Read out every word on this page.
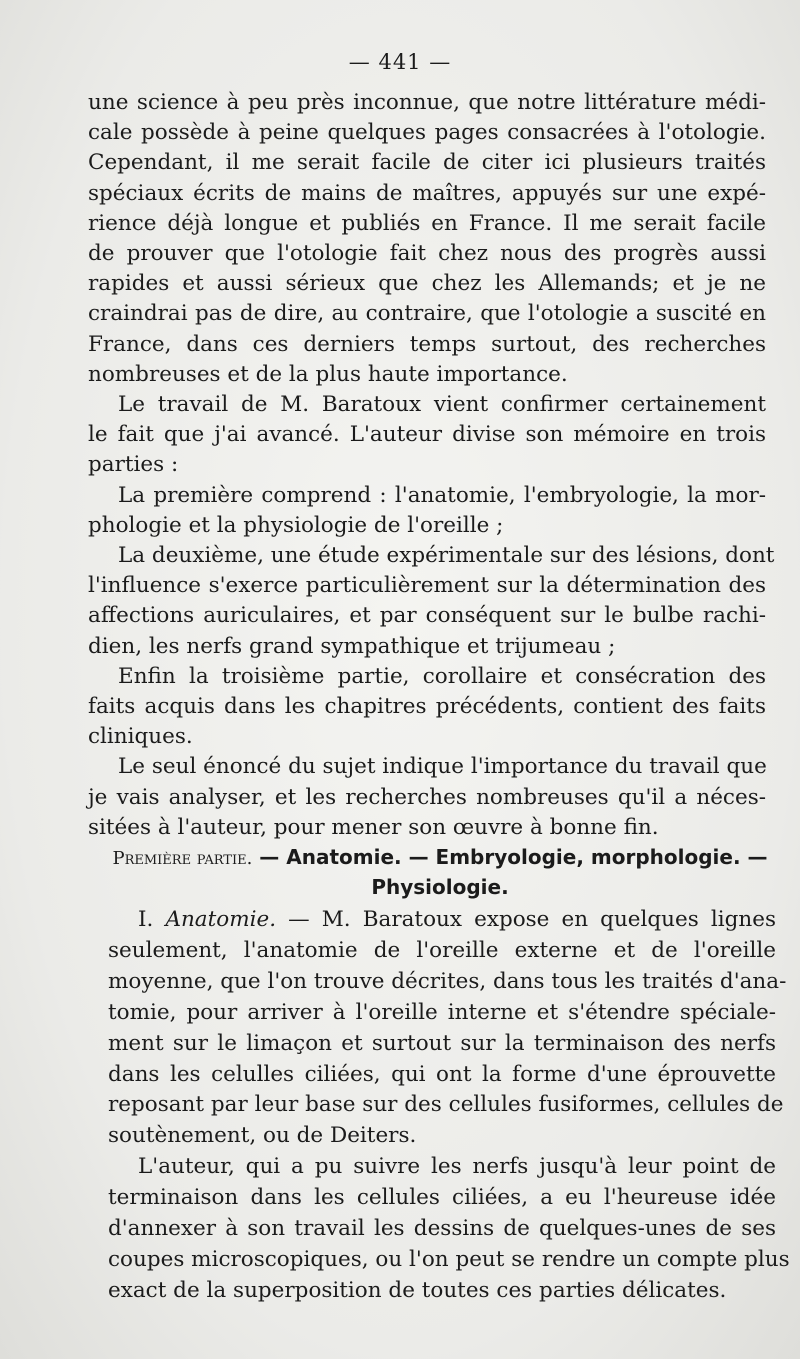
— 441 —

une science à peu près inconnue, que notre littérature médi-
cale possède à peine quelques pages consacrées à l'otologie.
Cependant, il me serait facile de citer ici plusieurs traités
spéciaux écrits de mains de maîtres, appuyés sur une expé-
rience déjà longue et publiés en France. Il me serait facile
de prouver que l'otologie fait chez nous des progrès aussi
rapides et aussi sérieux que chez les Allemands; et je ne
craindrai pas de dire, au contraire, que l'otologie a suscité en
France, dans ces derniers temps surtout, des recherches
nombreuses et de la plus haute importance.

Le travail de M. Baratoux vient confirmer certainement
le fait que j'ai avancé. L'auteur divise son mémoire en trois
parties :

La première comprend : l'anatomie, l'embryologie, la mor-
phologie et la physiologie de l'oreille ;

La deuxième, une étude expérimentale sur des lésions, dont
l'influence s'exerce particulièrement sur la détermination des
affections auriculaires, et par conséquent sur le bulbe rachi-
dien, les nerfs grand sympathique et trijumeau ;

Enfin la troisième partie, corollaire et consécration des
faits acquis dans les chapitres précédents, contient des faits
cliniques.

Le seul énoncé du sujet indique l'importance du travail que
je vais analyser, et les recherches nombreuses qu'il a néces-
sitées à l'auteur, pour mener son œuvre à bonne fin.

Première partie. — Anatomie. — Embryologie, morphologie. —
Physiologie.

I. Anatomie. — M. Baratoux expose en quelques lignes
seulement, l'anatomie de l'oreille externe et de l'oreille
moyenne, que l'on trouve décrites, dans tous les traités d'ana-
tomie, pour arriver à l'oreille interne et s'étendre spéciale-
ment sur le limaçon et surtout sur la terminaison des nerfs
dans les celulles ciliées, qui ont la forme d'une éprouvette
reposant par leur base sur des cellules fusiformes, cellules de
soutènement, ou de Deiters.

L'auteur, qui a pu suivre les nerfs jusqu'à leur point de
terminaison dans les cellules ciliées, a eu l'heureuse idée
d'annexer à son travail les dessins de quelques-unes de ses
coupes microscopiques, ou l'on peut se rendre un compte plus
exact de la superposition de toutes ces parties délicates.
